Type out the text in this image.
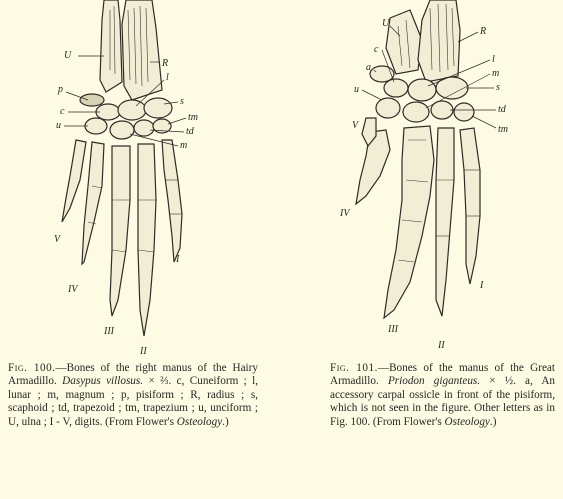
U
R
l
p
s
c
tm
u
td
m
V
IV
III
II
I
U
R
c
a
l
m
u	s
V
td
tm
IV
I
III
II
Fig. 100.—Bones of the right manus of the Hairy Armadillo. Dasypus villosus. × ⅔. c, Cuneiform ; l, lunar ; m, magnum ; p, pisiform ; R, radius ; s, scaphoid ; td, trapezoid ; tm, trapezium ; u, unciform ; U, ulna ; I - V, digits. (From Flower's Osteology.)
Fig. 101.—Bones of the manus of the Great Armadillo. Priodon giganteus. × ½. a, An accessory carpal ossicle in front of the pisiform, which is not seen in the figure. Other letters as in Fig. 100. (From Flower's Osteology.)
